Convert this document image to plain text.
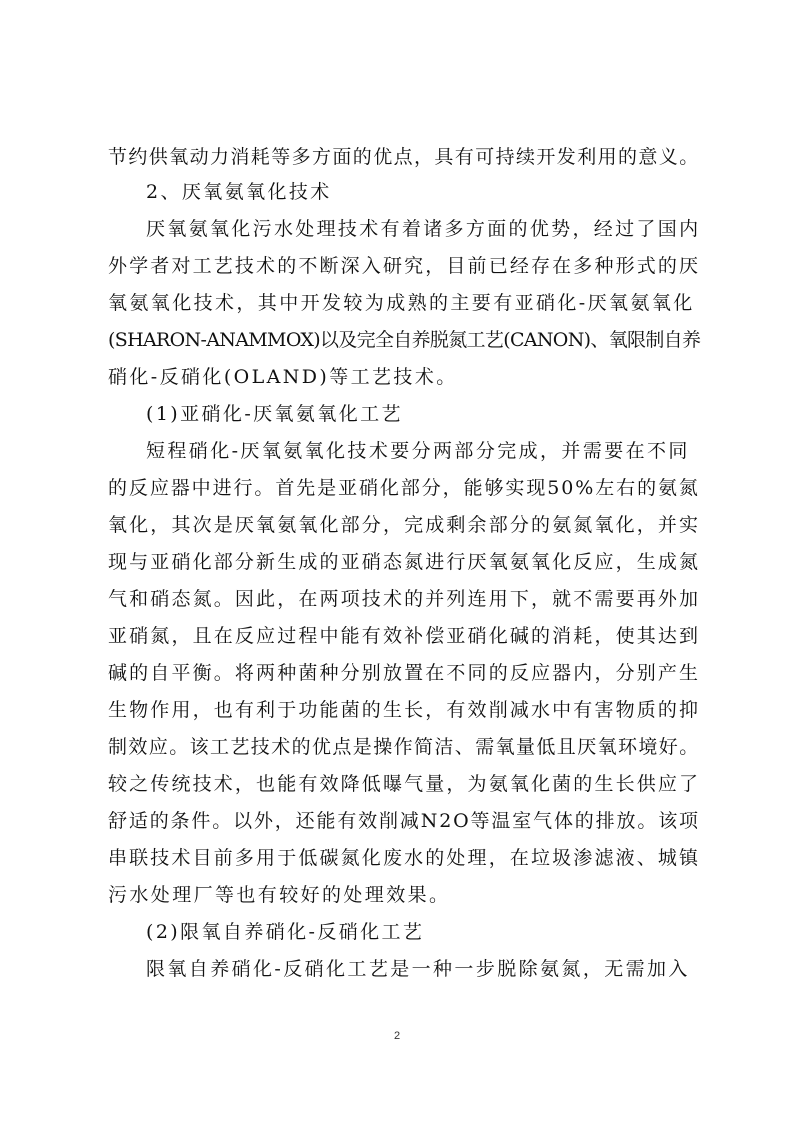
节约供氧动力消耗等多方面的优点，具有可持续开发利用的意义。
2、厌氧氨氧化技术
厌氧氨氧化污水处理技术有着诸多方面的优势，经过了国内
外学者对工艺技术的不断深入研究，目前已经存在多种形式的厌
氧氨氧化技术，其中开发较为成熟的主要有亚硝化-厌氧氨氧化
(SHARON-ANAMMOX)以及完全自养脱氮工艺(CANON)、氧限制自养
硝化-反硝化(OLAND)等工艺技术。
(1)亚硝化-厌氧氨氧化工艺
短程硝化-厌氧氨氧化技术要分两部分完成，并需要在不同
的反应器中进行。首先是亚硝化部分，能够实现50%左右的氨氮
氧化，其次是厌氧氨氧化部分，完成剩余部分的氨氮氧化，并实
现与亚硝化部分新生成的亚硝态氮进行厌氧氨氧化反应，生成氮
气和硝态氮。因此，在两项技术的并列连用下，就不需要再外加
亚硝氮，且在反应过程中能有效补偿亚硝化碱的消耗，使其达到
碱的自平衡。将两种菌种分别放置在不同的反应器内，分别产生
生物作用，也有利于功能菌的生长，有效削减水中有害物质的抑
制效应。该工艺技术的优点是操作简洁、需氧量低且厌氧环境好。
较之传统技术，也能有效降低曝气量，为氨氧化菌的生长供应了
舒适的条件。以外，还能有效削减N2O等温室气体的排放。该项
串联技术目前多用于低碳氮化废水的处理，在垃圾渗滤液、城镇
污水处理厂等也有较好的处理效果。
(2)限氧自养硝化-反硝化工艺
限氧自养硝化-反硝化工艺是一种一步脱除氨氮，无需加入
2
